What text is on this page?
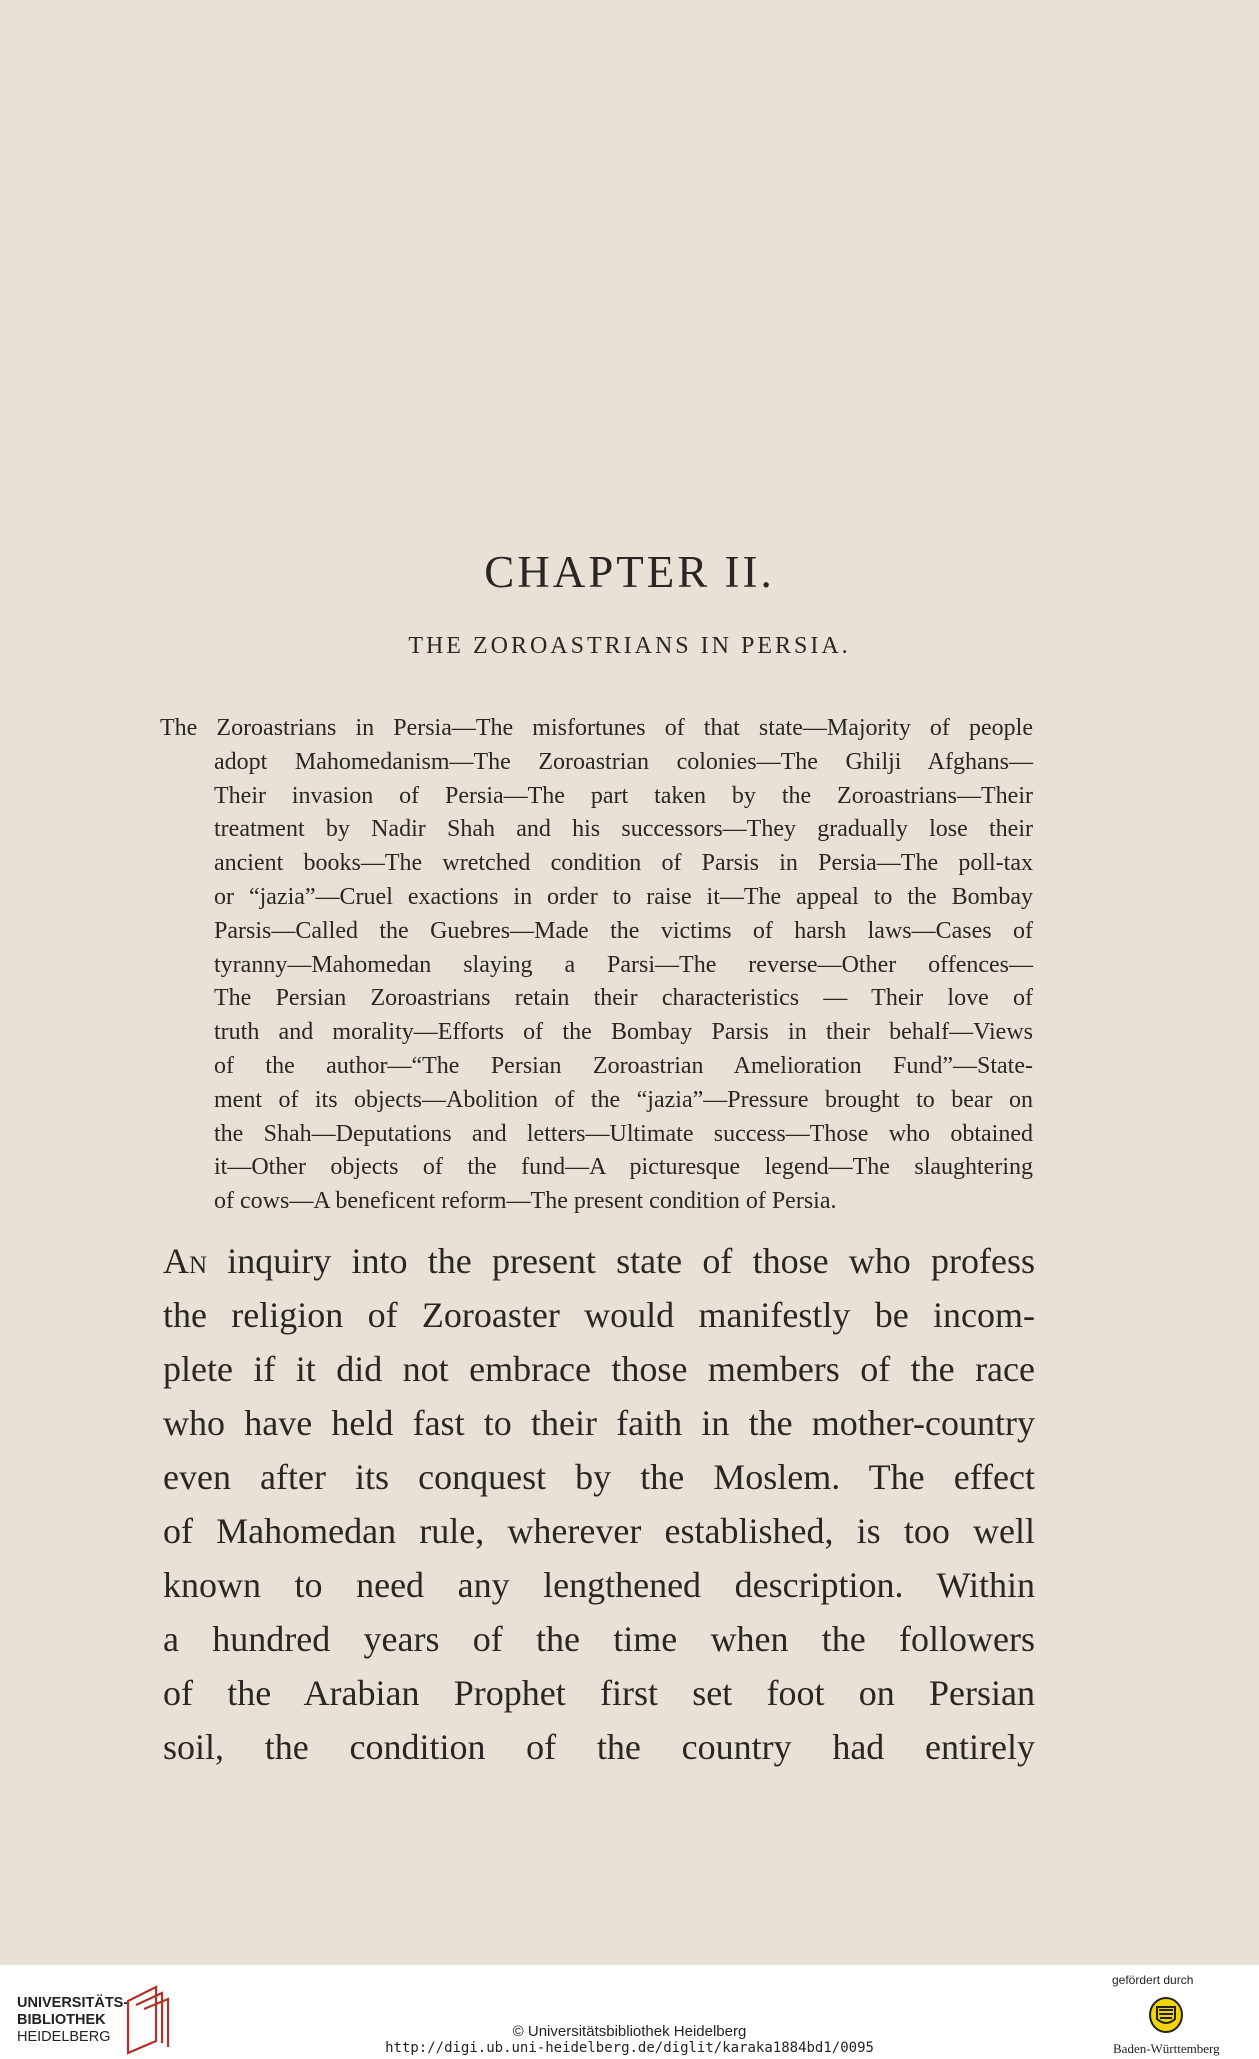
CHAPTER II.
THE ZOROASTRIANS IN PERSIA.
The Zoroastrians in Persia—The misfortunes of that state—Majority of people
adopt Mahomedanism—The Zoroastrian colonies—The Ghilji Afghans—
Their invasion of Persia—The part taken by the Zoroastrians—Their
treatment by Nadir Shah and his successors—They gradually lose their
ancient books—The wretched condition of Parsis in Persia—The poll-tax
or “jazia”—Cruel exactions in order to raise it—The appeal to the Bombay
Parsis—Called the Guebres—Made the victims of harsh laws—Cases of
tyranny—Mahomedan slaying a Parsi—The reverse—Other offences—
The Persian Zoroastrians retain their characteristics — Their love of
truth and morality—Efforts of the Bombay Parsis in their behalf—Views
of the author—“The Persian Zoroastrian Amelioration Fund”—State-
ment of its objects—Abolition of the “jazia”—Pressure brought to bear on
the Shah—Deputations and letters—Ultimate success—Those who obtained
it—Other objects of the fund—A picturesque legend—The slaughtering
of cows—A beneficent reform—The present condition of Persia.
An inquiry into the present state of those who profess
the religion of Zoroaster would manifestly be incom-
plete if it did not embrace those members of the race
who have held fast to their faith in the mother-country
even after its conquest by the Moslem. The effect
of Mahomedan rule, wherever established, is too well
known to need any lengthened description. Within
a hundred years of the time when the followers
of the Arabian Prophet first set foot on Persian
soil, the condition of the country had entirely
UNIVERSITÄTS-
BIBLIOTHEK
HEIDELBERG	© Universitätsbibliothek Heidelberg
http://digi.ub.uni-heidelberg.de/diglit/karaka1884bd1/0095
gefördert durch
Baden-Württemberg
